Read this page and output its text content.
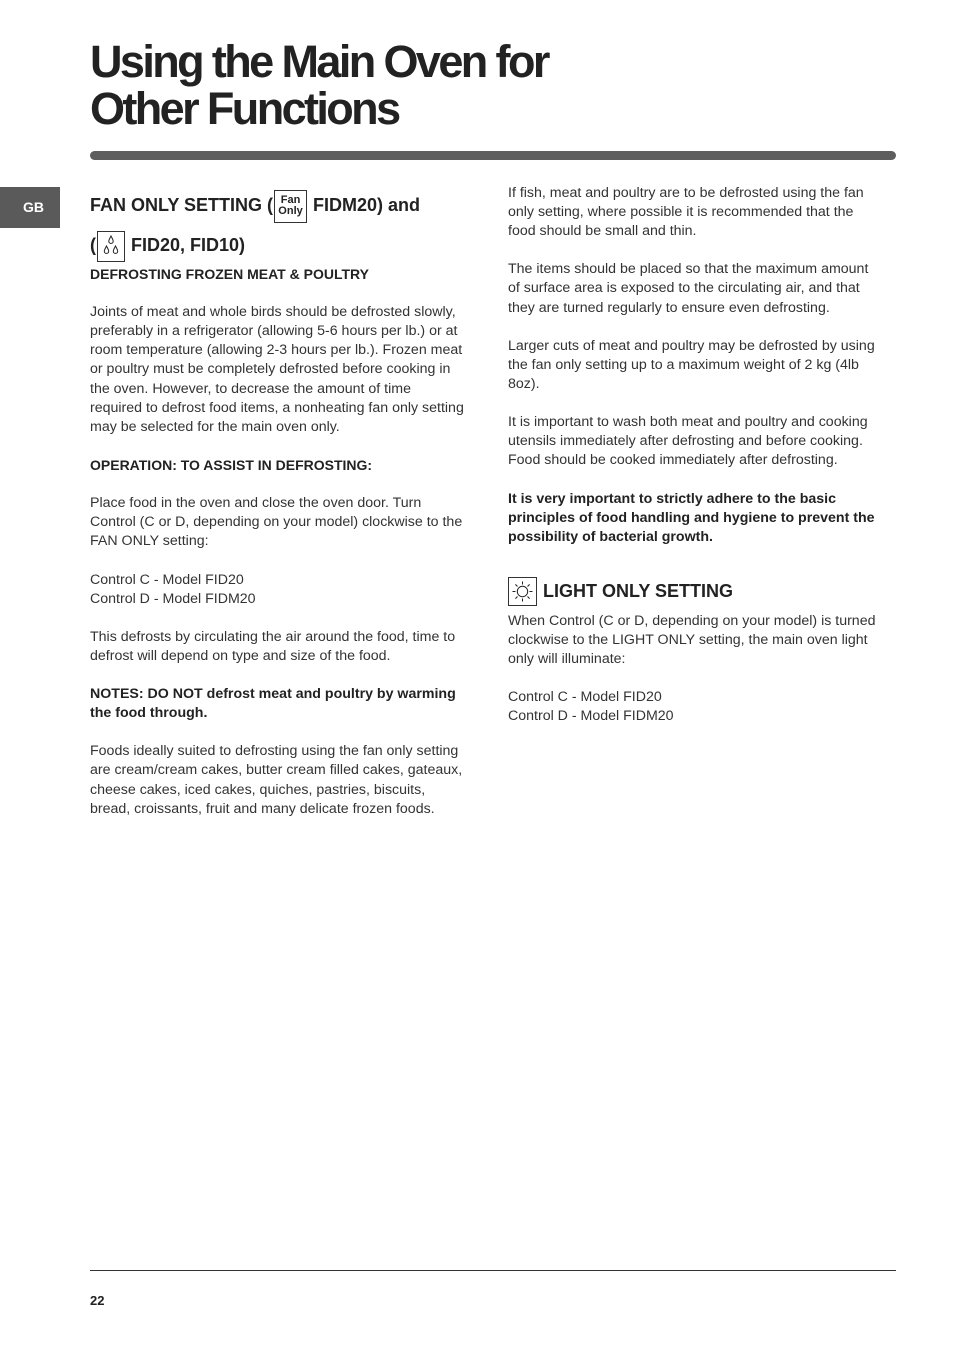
Using the Main Oven for
Other Functions
GB	FAN ONLY SETTING ( Fan
Only FIDM20) and
( FID20, FID10)

DEFROSTING FROZEN MEAT & POULTRY

Joints of meat and whole birds should be defrosted slowly, preferably in a refrigerator (allowing 5-6 hours per lb.) or at room temperature (allowing 2-3 hours per lb.). Frozen meat or poultry must be completely defrosted before cooking in the oven. However, to decrease the amount of time required to defrost food items, a nonheating fan only setting may be selected for the main oven only.

OPERATION: TO ASSIST IN DEFROSTING:

Place food in the oven and close the oven door. Turn Control (C or D, depending on your model) clockwise to the FAN ONLY setting:

Control C - Model FID20

Control D - Model FIDM20

This defrosts by circulating the air around the food, time to defrost will depend on type and size of the food.

NOTES: DO NOT defrost meat and poultry by warming the food through.

Foods ideally suited to defrosting using the fan only setting are cream/cream cakes, butter cream filled cakes, gateaux, cheese cakes, iced cakes, quiches, pastries, biscuits, bread, croissants, fruit and many delicate frozen foods.

If fish, meat and poultry are to be defrosted using the fan only setting, where possible it is recommended that the food should be small and thin.

The items should be placed so that the maximum amount of surface area is exposed to the circulating air, and that they are turned regularly to ensure even defrosting.

Larger cuts of meat and poultry may be defrosted by using the fan only setting up to a maximum weight of 2 kg (4lb 8oz).

It is important to wash both meat and poultry and cooking utensils immediately after defrosting and before cooking. Food should be cooked immediately after defrosting.

It is very important to strictly adhere to the basic principles of food handling and hygiene to prevent the possibility of bacterial growth.

LIGHT ONLY SETTING

When Control (C or D, depending on your model) is turned clockwise to the LIGHT ONLY setting, the main oven light only will illuminate:

Control C - Model FID20

Control D - Model FIDM20

22
